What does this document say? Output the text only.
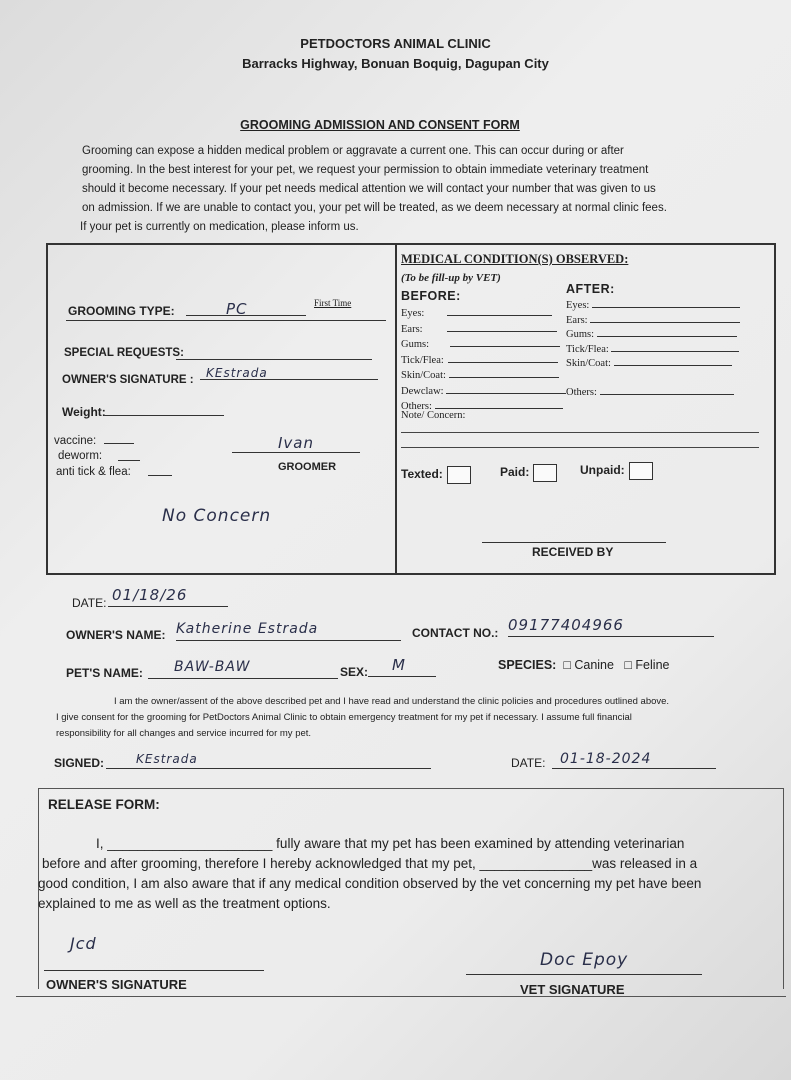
PETDOCTORS ANIMAL CLINIC
Barracks Highway, Bonuan Boquig, Dagupan City
GROOMING ADMISSION AND CONSENT FORM
Grooming can expose a hidden medical problem or aggravate a current one. This can occur during or after
grooming. In the best interest for your pet, we request your permission to obtain immediate veterinary treatment
should it become necessary. If your pet needs medical attention we will contact your number that was given to us
on admission. If we are unable to contact you, your pet will be treated, as we deem necessary at normal clinic fees.
If your pet is currently on medication, please inform us.
GROOMING TYPE:	PC	First Time
SPECIAL REQUESTS:
OWNER'S SIGNATURE :	KEstrada
Weight:
vaccine:
deworm:
anti tick & flea:
Ivan
GROOMER
No Concern
MEDICAL CONDITION(S) OBSERVED:
(To be fill-up by VET)
BEFORE:	AFTER:
Eyes:
Ears:
Gums:
Tick/Flea:
Skin/Coat:
Dewclaw:
Others:
Eyes:
Ears:
Gums:
Tick/Flea:
Skin/Coat:
Others:
Note/ Concern:
Texted:	Paid:	Unpaid:
RECEIVED BY
DATE: 01/18/26
OWNER'S NAME: Katherine Estrada	CONTACT NO.: 09177404966
PET'S NAME:	BAW-BAW	SEX:	M	SPECIES:  □ Canine   □ Feline
I am the owner/assent of the above described pet and I have read and understand the clinic policies and procedures outlined above.
I give consent for the grooming for PetDoctors Animal Clinic to obtain emergency treatment for my pet if necessary. I assume full financial
responsibility for all changes and service incurred for my pet.
SIGNED:	KEstrada	DATE:	01-18-2024
RELEASE FORM:
I, ______________________ fully aware that my pet has been examined by attending veterinarian
before and after grooming, therefore I hereby acknowledged that my pet, _______________was released in a
good condition, I am also aware that if any medical condition observed by the vet concerning my pet have been
explained to me as well as the treatment options.
Jcd
OWNER'S SIGNATURE
Doc Epoy
VET SIGNATURE
